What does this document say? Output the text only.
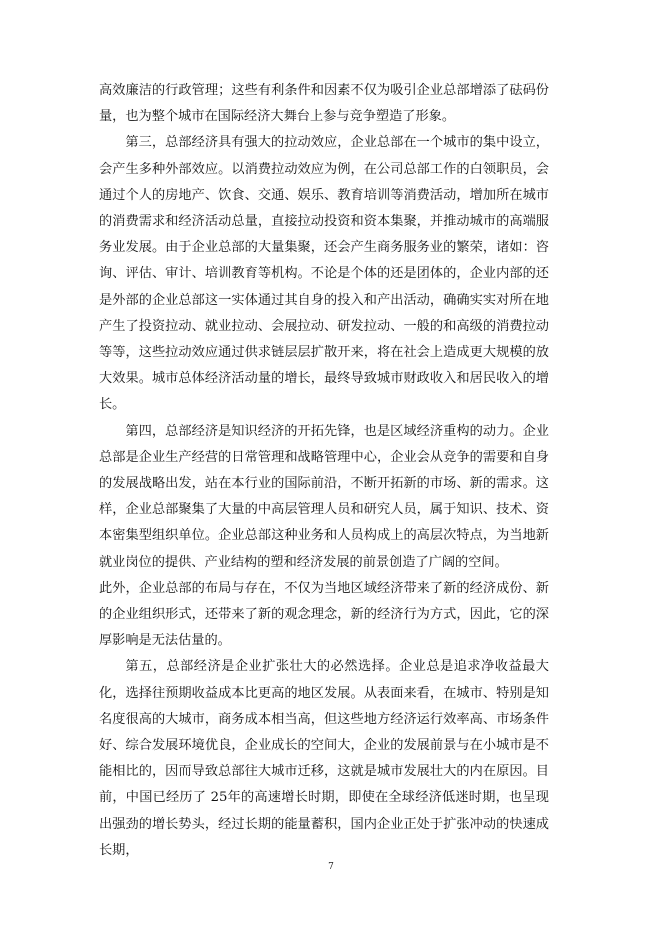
高效廉洁的行政管理；这些有利条件和因素不仅为吸引企业总部增添了砝码份量，也为整个城市在国际经济大舞台上参与竞争塑造了形象。

第三，总部经济具有强大的拉动效应，企业总部在一个城市的集中设立，会产生多种外部效应。以消费拉动效应为例，在公司总部工作的白领职员，会通过个人的房地产、饮食、交通、娱乐、教育培训等消费活动，增加所在城市的消费需求和经济活动总量，直接拉动投资和资本集聚，并推动城市的高端服务业发展。由于企业总部的大量集聚，还会产生商务服务业的繁荣，诸如：咨询、评估、审计、培训教育等机构。不论是个体的还是团体的，企业内部的还是外部的企业总部这一实体通过其自身的投入和产出活动，确确实实对所在地产生了投资拉动、就业拉动、会展拉动、研发拉动、一般的和高级的消费拉动等等，这些拉动效应通过供求链层层扩散开来，将在社会上造成更大规模的放大效果。城市总体经济活动量的增长，最终导致城市财政收入和居民收入的增长。

第四，总部经济是知识经济的开拓先锋，也是区域经济重构的动力。企业总部是企业生产经营的日常管理和战略管理中心，企业会从竞争的需要和自身的发展战略出发，站在本行业的国际前沿，不断开拓新的市场、新的需求。这样，企业总部聚集了大量的中高层管理人员和研究人员，属于知识、技术、资本密集型组织单位。企业总部这种业务和人员构成上的高层次特点，为当地新就业岗位的提供、产业结构的塑和经济发展的前景创造了广阔的空间。

此外，企业总部的布局与存在，不仅为当地区域经济带来了新的经济成份、新的企业组织形式，还带来了新的观念理念，新的经济行为方式，因此，它的深厚影响是无法估量的。

第五，总部经济是企业扩张壮大的必然选择。企业总是追求净收益最大化，选择往预期收益成本比更高的地区发展。从表面来看，在城市、特别是知名度很高的大城市，商务成本相当高，但这些地方经济运行效率高、市场条件好、综合发展环境优良，企业成长的空间大，企业的发展前景与在小城市是不能相比的，因而导致总部往大城市迁移，这就是城市发展壮大的内在原因。目前，中国已经历了 25年的高速增长时期，即使在全球经济低迷时期，也呈现出强劲的增长势头，经过长期的能量蓄积，国内企业正处于扩张冲动的快速成长期，

7
